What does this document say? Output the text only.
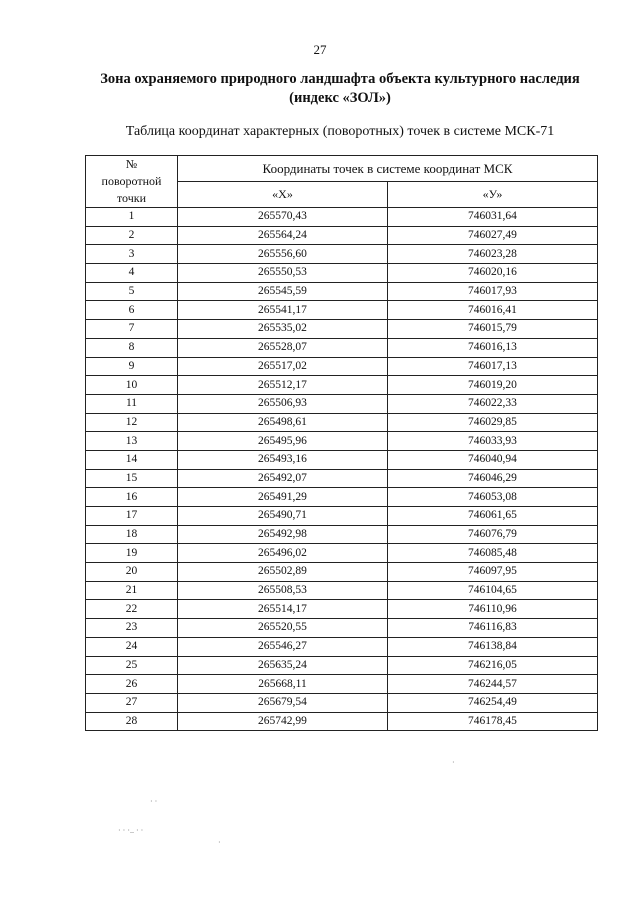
27
Зона охраняемого природного ландшафта объекта культурного наследия
(индекс «ЗОЛ»)
Таблица координат характерных (поворотных) точек в системе МСК-71
№
поворотной
точки	Координаты точек в системе координат МСК	
	«Х»	«У»
1	265570,43	746031,64
2	265564,24	746027,49
3	265556,60	746023,28
4	265550,53	746020,16
5	265545,59	746017,93
6	265541,17	746016,41
7	265535,02	746015,79
8	265528,07	746016,13
9	265517,02	746017,13
10	265512,17	746019,20
11	265506,93	746022,33
12	265498,61	746029,85
13	265495,96	746033,93
14	265493,16	746040,94
15	265492,07	746046,29
16	265491,29	746053,08
17	265490,71	746061,65
18	265492,98	746076,79
19	265496,02	746085,48
20	265502,89	746097,95
21	265508,53	746104,65
22	265514,17	746110,96
23	265520,55	746116,83
24	265546,27	746138,84
25	265635,24	746216,05
26	265668,11	746244,57
27	265679,54	746254,49
28	265742,99	746178,45
·
· ·
· · ·.. · ·
·
